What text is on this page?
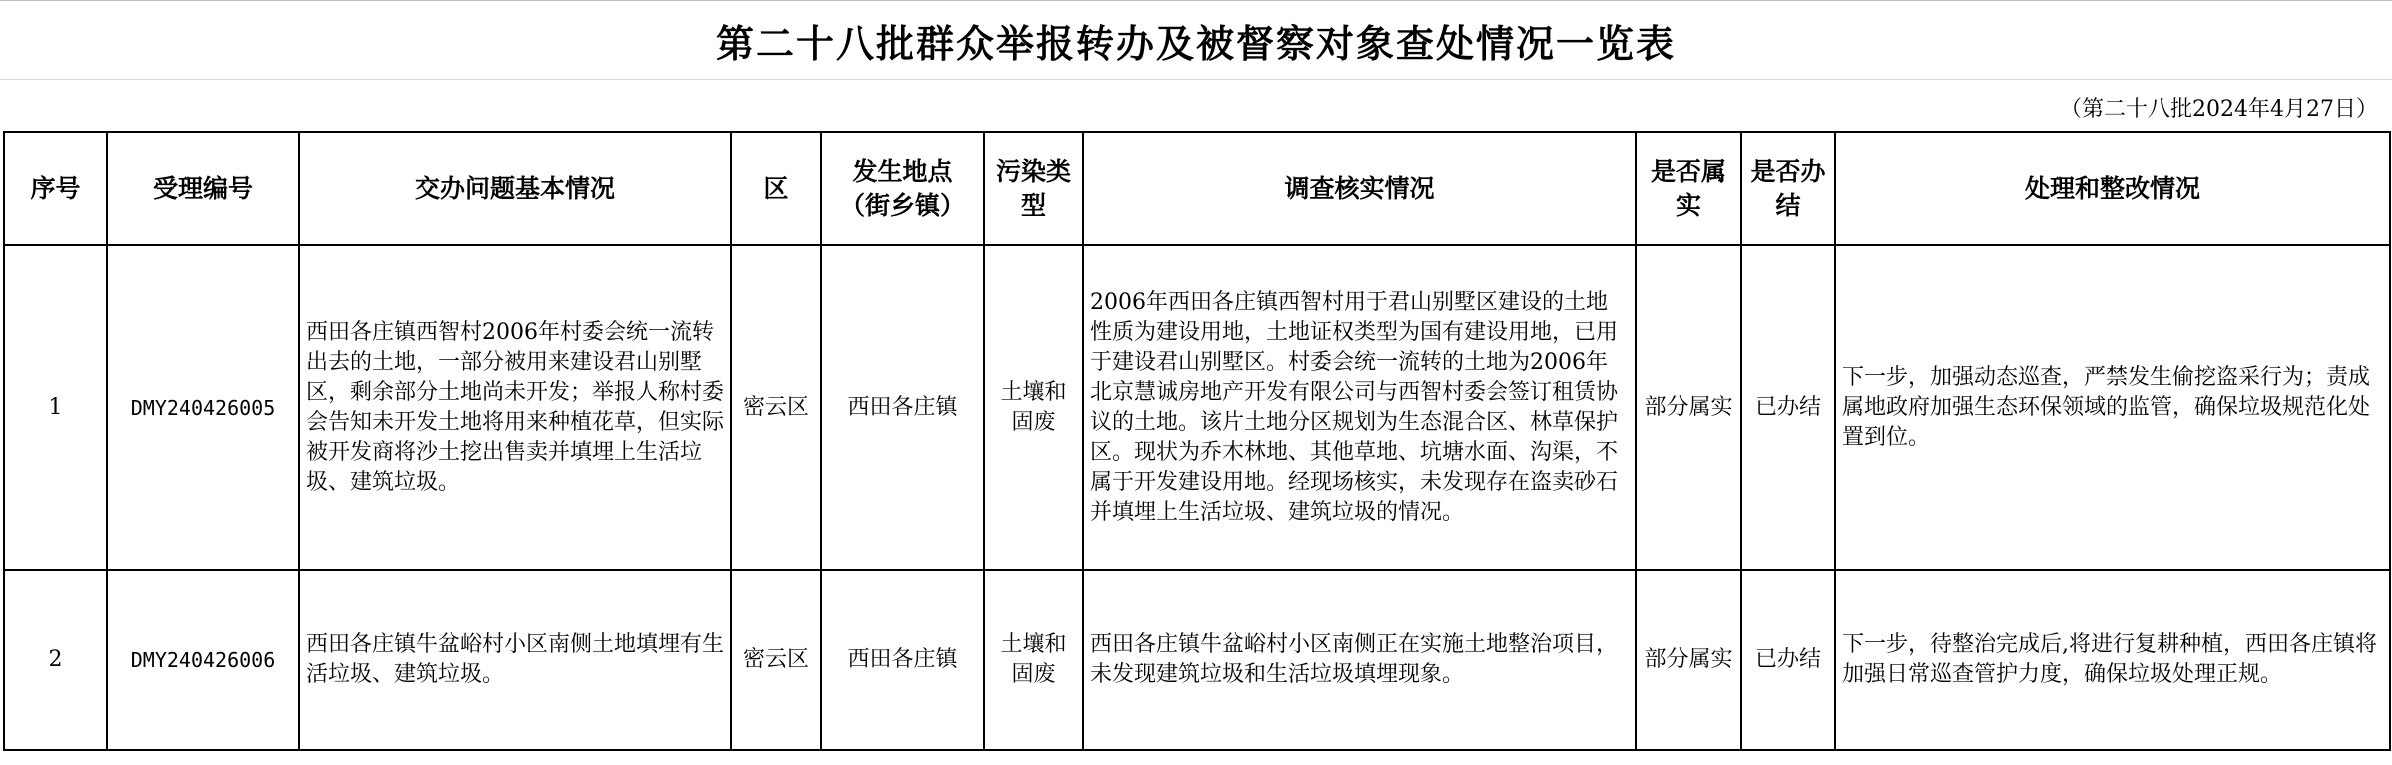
第二十八批群众举报转办及被督察对象查处情况一览表
（第二十八批2024年4月27日）
序号	受理编号	交办问题基本情况	区	发生地点（街乡镇）	污染类型	调查核实情况	是否属实	是否办结	处理和整改情况
1	DMY240426005	西田各庄镇西智村2006年村委会统一流转出去的土地，一部分被用来建设君山别墅区，剩余部分土地尚未开发；举报人称村委会告知未开发土地将用来种植花草，但实际被开发商将沙土挖出售卖并填埋上生活垃圾、建筑垃圾。	密云区	西田各庄镇	土壤和固废	2006年西田各庄镇西智村用于君山别墅区建设的土地性质为建设用地，土地证权类型为国有建设用地，已用于建设君山别墅区。村委会统一流转的土地为2006年北京慧诚房地产开发有限公司与西智村委会签订租赁协议的土地。该片土地分区规划为生态混合区、林草保护区。现状为乔木林地、其他草地、坑塘水面、沟渠，不属于开发建设用地。经现场核实，未发现存在盗卖砂石并填埋上生活垃圾、建筑垃圾的情况。	部分属实	已办结	下一步，加强动态巡查，严禁发生偷挖盗采行为；责成属地政府加强生态环保领域的监管，确保垃圾规范化处置到位。
2	DMY240426006	西田各庄镇牛盆峪村小区南侧土地填埋有生活垃圾、建筑垃圾。	密云区	西田各庄镇	土壤和固废	西田各庄镇牛盆峪村小区南侧正在实施土地整治项目，未发现建筑垃圾和生活垃圾填埋现象。	部分属实	已办结	下一步，待整治完成后,将进行复耕种植，西田各庄镇将加强日常巡查管护力度，确保垃圾处理正规。
